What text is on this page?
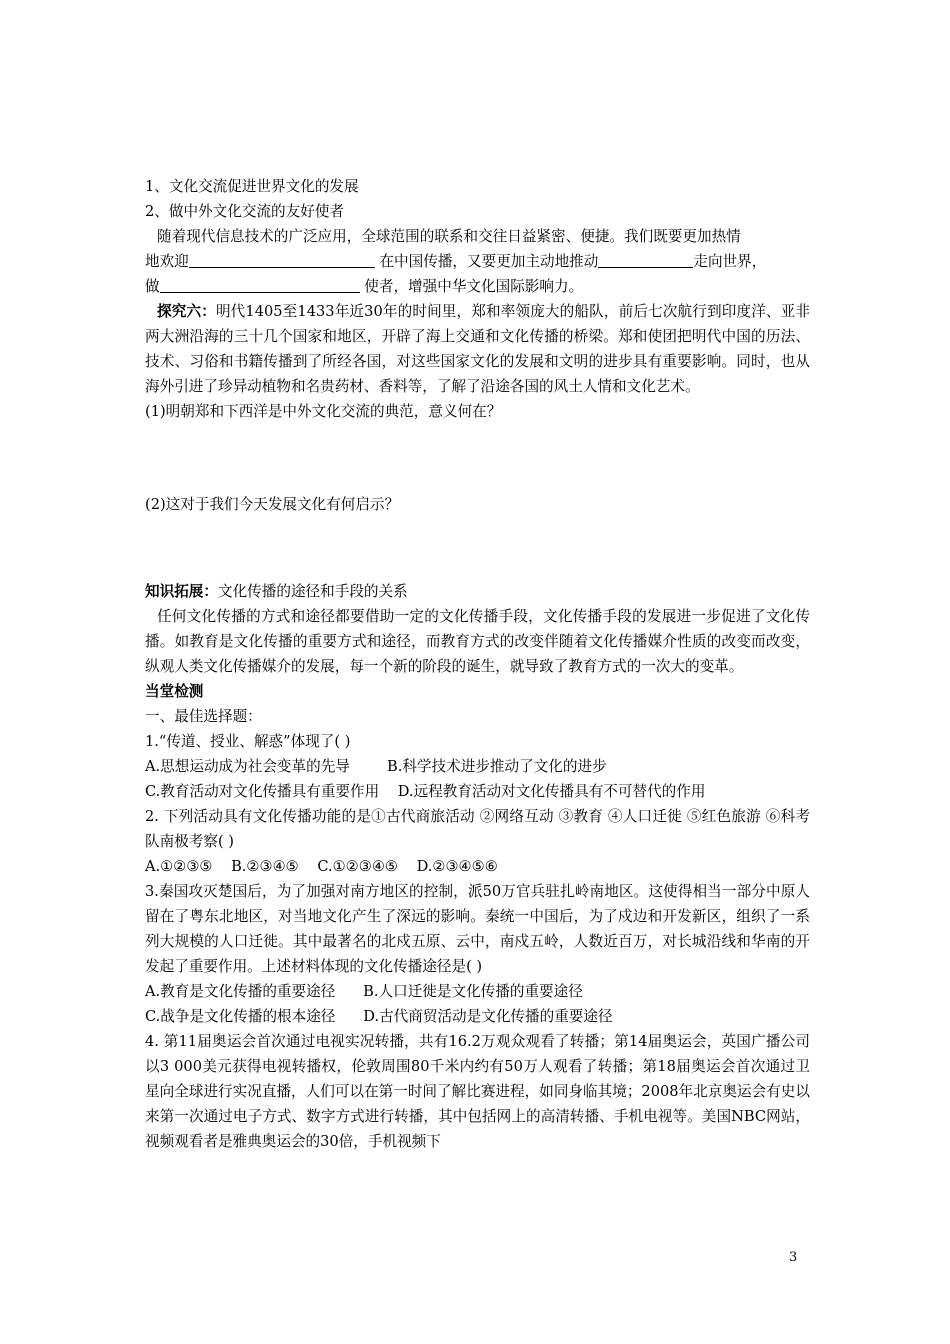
1、文化交流促进世界文化的发展
2、做中外文化交流的友好使者
随着现代信息技术的广泛应用，全球范围的联系和交往日益紧密、便捷。我们既要更加热情
地欢迎	在中国传播，又要更加主动地推动	走向世界，
做	使者，增强中华文化国际影响力。
探究六：明代1405至1433年近30年的时间里，郑和率领庞大的船队，前后七次航行到印度洋、亚非两大洲沿海的三十几个国家和地区，开辟了海上交通和文化传播的桥梁。郑和使团把明代中国的历法、技术、习俗和书籍传播到了所经各国，对这些国家文化的发展和文明的进步具有重要影响。同时，也从海外引进了珍异动植物和名贵药材、香料等，了解了沿途各国的风土人情和文化艺术。
(1)明朝郑和下西洋是中外文化交流的典范，意义何在？
(2)这对于我们今天发展文化有何启示？
知识拓展：文化传播的途径和手段的关系
任何文化传播的方式和途径都要借助一定的文化传播手段，文化传播手段的发展进一步促进了文化传播。如教育是文化传播的重要方式和途径，而教育方式的改变伴随着文化传播媒介性质的改变而改变，纵观人类文化传播媒介的发展，每一个新的阶段的诞生，就导致了教育方式的一次大的变革。
当堂检测
一、最佳选择题：
1.“传道、授业、解惑”体现了( )
A.思想运动成为社会变革的先导        B.科学技术进步推动了文化的进步
C.教育活动对文化传播具有重要作用    D.远程教育活动对文化传播具有不可替代的作用
2. 下列活动具有文化传播功能的是①古代商旅活动 ②网络互动 ③教育 ④人口迁徙 ⑤红色旅游 ⑥科考队南极考察( )
A.①②③⑤    B.②③④⑤    C.①②③④⑤    D.②③④⑤⑥
3.秦国攻灭楚国后，为了加强对南方地区的控制，派50万官兵驻扎岭南地区。这使得相当一部分中原人留在了粤东北地区，对当地文化产生了深远的影响。秦统一中国后，为了戍边和开发新区，组织了一系列大规模的人口迁徙。其中最著名的北戍五原、云中，南戍五岭，人数近百万，对长城沿线和华南的开发起了重要作用。上述材料体现的文化传播途径是( )
A.教育是文化传播的重要途径      B.人口迁徙是文化传播的重要途径
C.战争是文化传播的根本途径      D.古代商贸活动是文化传播的重要途径
4. 第11届奥运会首次通过电视实况转播，共有16.2万观众观看了转播；第14届奥运会，英国广播公司以3 000美元获得电视转播权，伦敦周围80千米内约有50万人观看了转播；第18届奥运会首次通过卫星向全球进行实况直播，人们可以在第一时间了解比赛进程，如同身临其境；2008年北京奥运会有史以来第一次通过电子方式、数字方式进行转播，其中包括网上的高清转播、手机电视等。美国NBC网站，视频观看者是雅典奥运会的30倍，手机视频下
3
